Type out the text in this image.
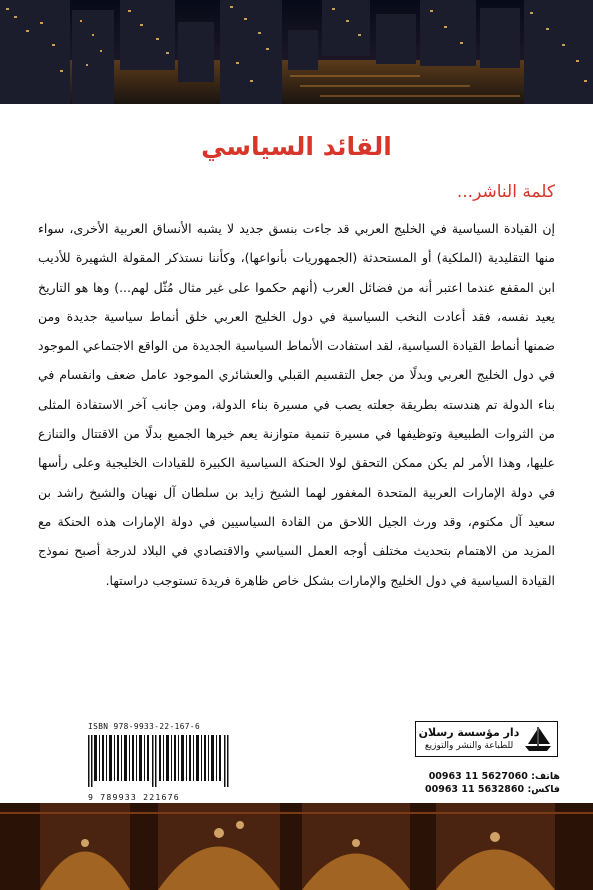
القائد السياسي
كلمة الناشر...
إن القيادة السياسية في الخليج العربي قد جاءت بنسق جديد لا يشبه الأنساق العربية الأخرى، سواء منها التقليدية (الملكية) أو المستحدثة (الجمهوريات بأنواعها)، وكأننا نستذكر المقولة الشهيرة للأديب ابن المقفع عندما اعتبر أنه من فضائل العرب (أنهم حكموا على غير مثال مُثّل لهم...) وها هو التاريخ يعيد نفسه، فقد أعادت النخب السياسية في دول الخليج العربي خلق أنماط سياسية جديدة ومن ضمنها أنماط القيادة السياسية، لقد استفادت الأنماط السياسية الجديدة من الواقع الاجتماعي الموجود في دول الخليج العربي وبدلًا من جعل التقسيم القبلي والعشائري الموجود عامل ضعف وانقسام في بناء الدولة تم هندسته بطريقة جعلته يصب في مسيرة بناء الدولة، ومن جانب آخر الاستفادة المثلى من الثروات الطبيعية وتوظيفها في مسيرة تنمية متوازنة يعم خيرها الجميع بدلًا من الاقتتال والتنازع عليها، وهذا الأمر لم يكن ممكن التحقق لولا الحنكة السياسية الكبيرة للقيادات الخليجية وعلى رأسها في دولة الإمارات العربية المتحدة المغفور لهما الشيخ زايد بن سلطان آل نهيان والشيخ راشد بن سعيد آل مكتوم، وقد ورث الجيل اللاحق من القادة السياسيين في دولة الإمارات هذه الحنكة مع المزيد من الاهتمام بتحديث مختلف أوجه العمل السياسي والاقتصادي في البلاد لدرجة أصبح نموذج القيادة السياسية في دول الخليج والإمارات بشكل خاص ظاهرة فريدة تستوجب دراستها.
ISBN 978-9933-22-167-6
9 789933 221676
دار مؤسسة رسلان
للطباعة والنشر والتوزيع
هاتف: 00963 11 5627060
فاكس: 00963 11 5632860
